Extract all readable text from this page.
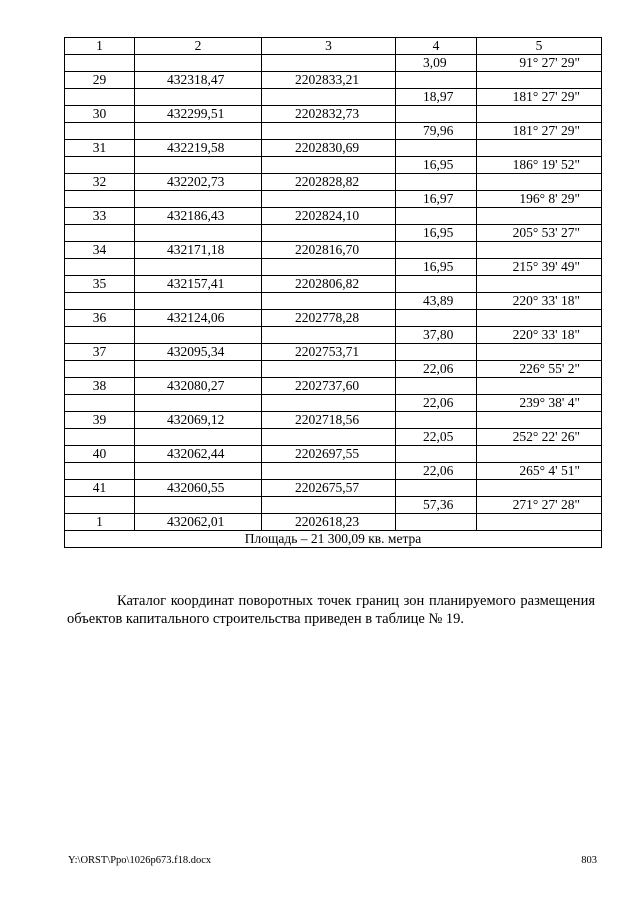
1	2	3	4	5
			3,09	91° 27' 29"
29	432318,47	2202833,21		
			18,97	181° 27' 29"
30	432299,51	2202832,73		
			79,96	181° 27' 29"
31	432219,58	2202830,69		
			16,95	186° 19' 52"
32	432202,73	2202828,82		
			16,97	196° 8' 29"
33	432186,43	2202824,10		
			16,95	205° 53' 27"
34	432171,18	2202816,70		
			16,95	215° 39' 49"
35	432157,41	2202806,82		
			43,89	220° 33' 18"
36	432124,06	2202778,28		
			37,80	220° 33' 18"
37	432095,34	2202753,71		
			22,06	226° 55' 2"
38	432080,27	2202737,60		
			22,06	239° 38' 4"
39	432069,12	2202718,56		
			22,05	252° 22' 26"
40	432062,44	2202697,55		
			22,06	265° 4' 51"
41	432060,55	2202675,57		
			57,36	271° 27' 28"
1	432062,01	2202618,23		
Площадь – 21 300,09 кв. метра				

Каталог координат поворотных точек границ зон планируемого размещения объектов капитального строительства приведен в таблице № 19.

Y:\ORST\Ppo\1026p673.f18.docx	803
